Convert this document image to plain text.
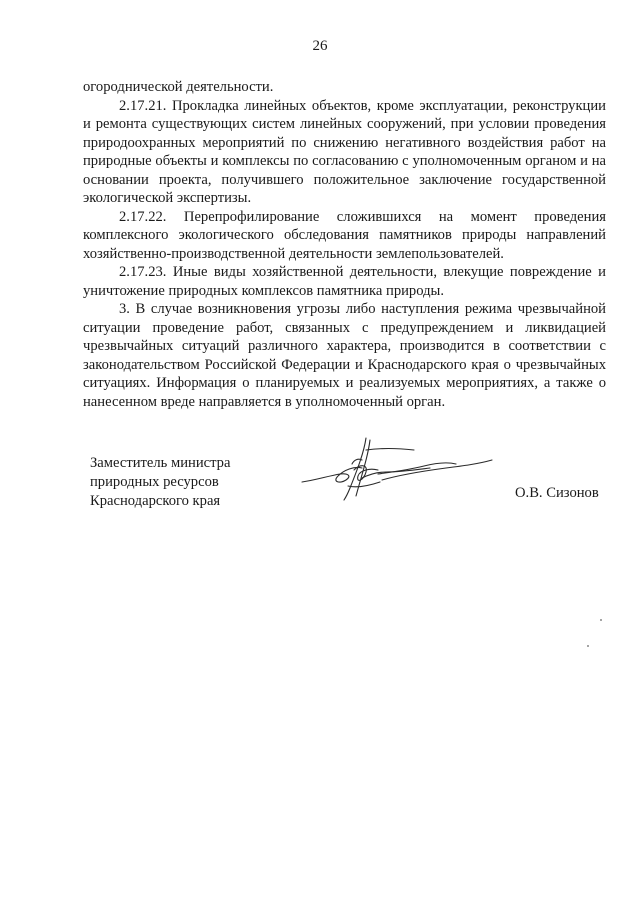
26

огороднической деятельности.

2.17.21. Прокладка линейных объектов, кроме эксплуатации, реконструкции и ремонта существующих систем линейных сооружений, при условии проведения природоохранных мероприятий по снижению негативного воздействия работ на природные объекты и комплексы по согласованию с уполномоченным органом и на основании проекта, получившего положительное заключение государственной экологической экспертизы.

2.17.22. Перепрофилирование сложившихся на момент проведения комплексного экологического обследования памятников природы направлений хозяйственно-производственной деятельности землепользователей.

2.17.23. Иные виды хозяйственной деятельности, влекущие повреждение и уничтожение природных комплексов памятника природы.

3. В случае возникновения угрозы либо наступления режима чрезвычайной ситуации проведение работ, связанных с предупреждением и ликвидацией чрезвычайных ситуаций различного характера, производится в соответствии с законодательством Российской Федерации и Краснодарского края о чрезвычайных ситуациях. Информация о планируемых и реализуемых мероприятиях, а также о нанесенном вреде направляется в уполномоченный орган.

Заместитель министра
природных ресурсов
Краснодарского края	О.В. Сизонов
